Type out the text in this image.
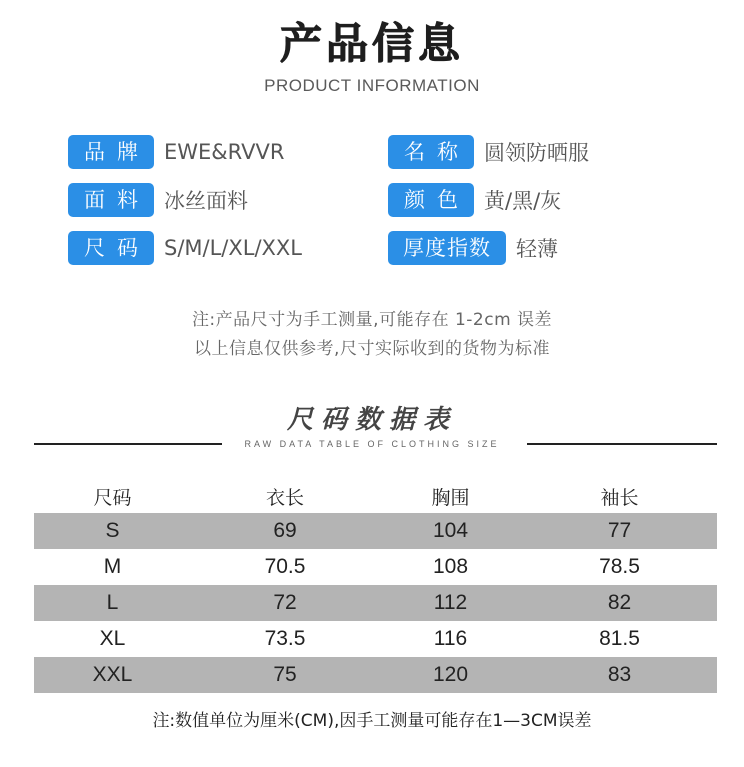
产品信息
PRODUCT INFORMATION
品牌 EWE&RVVR
面料 冰丝面料
尺码 S/M/L/XL/XXL
名称 圆领防晒服
颜色 黄/黑/灰
厚度指数	轻薄
注:产品尺寸为手工测量,可能存在 1-2cm 误差
以上信息仅供参考,尺寸实际收到的货物为标准
尺码数据表
RAW DATA TABLE OF CLOTHING SIZE
尺码	衣长	胸围	袖长
S	69	104	77
M	70.5	108	78.5
L	72	112	82
XL	73.5	116	81.5
XXL	75	120	83
注:数值单位为厘米(CM),因手工测量可能存在1—3CM误差
